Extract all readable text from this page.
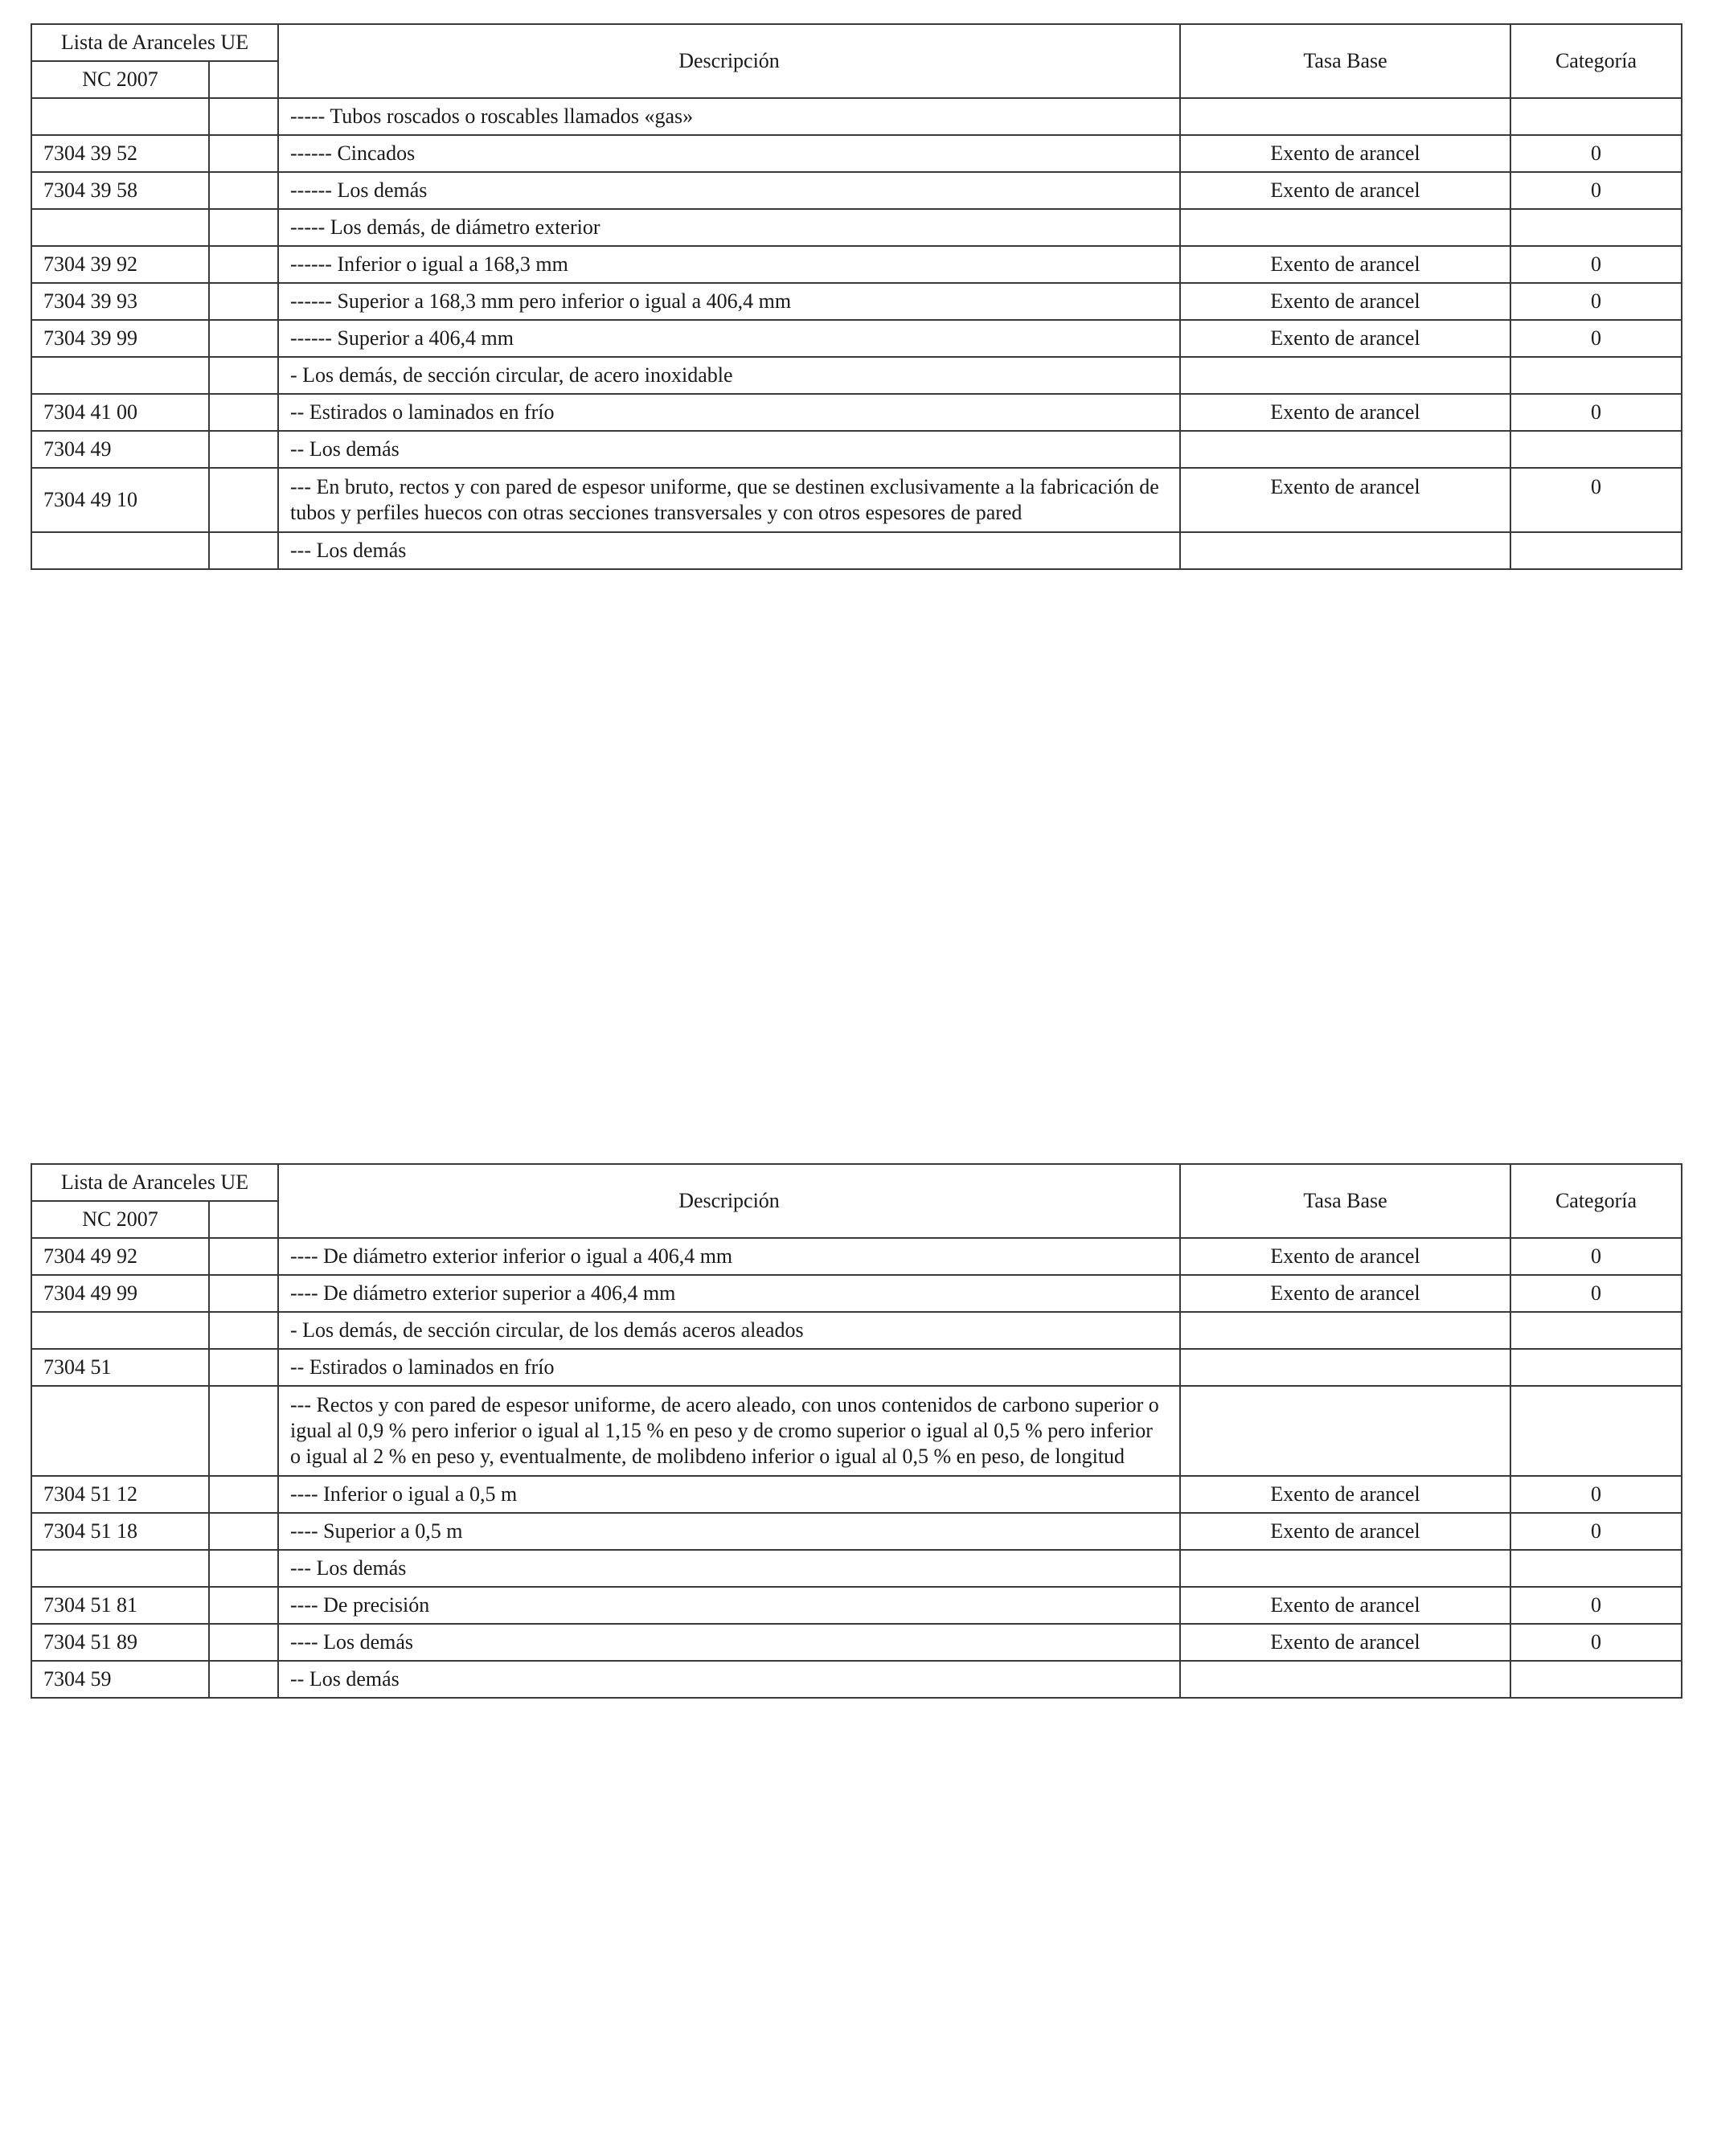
Lista de Aranceles UE		Descripción	Tasa Base	Categoría
NC 2007				
		----- Tubos roscados o roscables llamados «gas»		
7304 39 52		------ Cincados	Exento de arancel	0
7304 39 58		------ Los demás	Exento de arancel	0
		----- Los demás, de diámetro exterior		
7304 39 92		------ Inferior o igual a 168,3 mm	Exento de arancel	0
7304 39 93		------ Superior a 168,3 mm pero inferior o igual a 406,4 mm	Exento de arancel	0
7304 39 99		------ Superior a 406,4 mm	Exento de arancel	0
		- Los demás, de sección circular, de acero inoxidable		
7304 41 00		-- Estirados o laminados en frío	Exento de arancel	0
7304 49		-- Los demás		
7304 49 10		--- En bruto, rectos y con pared de espesor uniforme, que se destinen exclusivamente a la fabricación de tubos y perfiles huecos con otras secciones transversales y con otros espesores de pared	Exento de arancel	0
		--- Los demás		
Lista de Aranceles UE		Descripción	Tasa Base	Categoría
NC 2007				
7304 49 92		---- De diámetro exterior inferior o igual a 406,4 mm	Exento de arancel	0
7304 49 99		---- De diámetro exterior superior a 406,4 mm	Exento de arancel	0
		- Los demás, de sección circular, de los demás aceros aleados		
7304 51		-- Estirados o laminados en frío		
		--- Rectos y con pared de espesor uniforme, de acero aleado, con unos contenidos de carbono superior o igual al 0,9 % pero inferior o igual al 1,15 % en peso y de cromo superior o igual al 0,5 % pero inferior o igual al 2 % en peso y, eventualmente, de molibdeno inferior o igual al 0,5 % en peso, de longitud		
7304 51 12		---- Inferior o igual a 0,5 m	Exento de arancel	0
7304 51 18		---- Superior a 0,5 m	Exento de arancel	0
		--- Los demás		
7304 51 81		---- De precisión	Exento de arancel	0
7304 51 89		---- Los demás	Exento de arancel	0
7304 59		-- Los demás		
